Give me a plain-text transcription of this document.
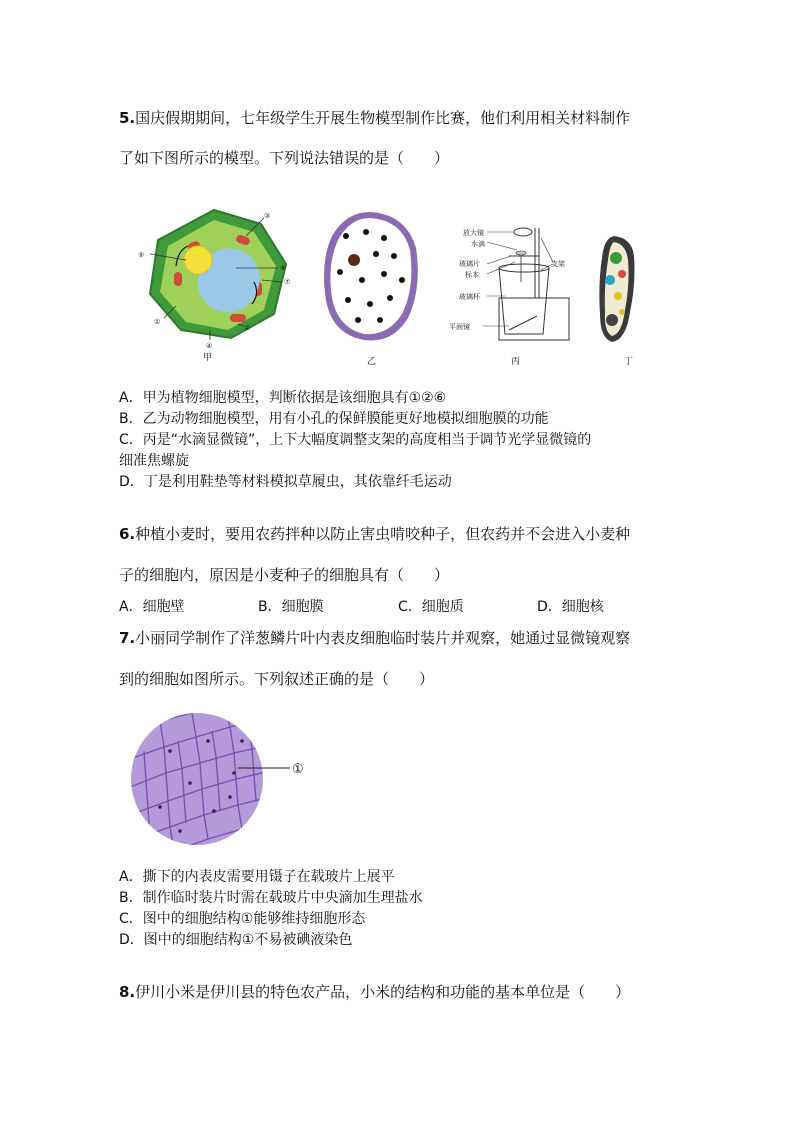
5.国庆假期期间，七年级学生开展生物模型制作比赛，他们利用相关材料制作
了如下图所示的模型。下列说法错误的是（　　）
⑤
③
⑥
⑦
①
②
④
甲	乙
放大镜
水滴
玻璃片
标本
玻璃杯
平面镜
支架
丙	丁
A．甲为植物细胞模型，判断依据是该细胞具有①②⑥
B．乙为动物细胞模型，用有小孔的保鲜膜能更好地模拟细胞膜的功能
C．丙是“水滴显微镜”，上下大幅度调整支架的高度相当于调节光学显微镜的
细准焦螺旋
D．丁是利用鞋垫等材料模拟草履虫，其依靠纤毛运动
6.种植小麦时，要用农药拌种以防止害虫啃咬种子，但农药并不会进入小麦种
子的细胞内，原因是小麦种子的细胞具有（　　）
A．细胞壁	B．细胞膜	C．细胞质	D．细胞核
7.小丽同学制作了洋葱鳞片叶内表皮细胞临时装片并观察，她通过显微镜观察
到的细胞如图所示。下列叙述正确的是（　　）
①
A．撕下的内表皮需要用镊子在载玻片上展平
B．制作临时装片时需在载玻片中央滴加生理盐水
C．图中的细胞结构①能够维持细胞形态
D．图中的细胞结构①不易被碘液染色
8.伊川小米是伊川县的特色农产品，小米的结构和功能的基本单位是（　　）
